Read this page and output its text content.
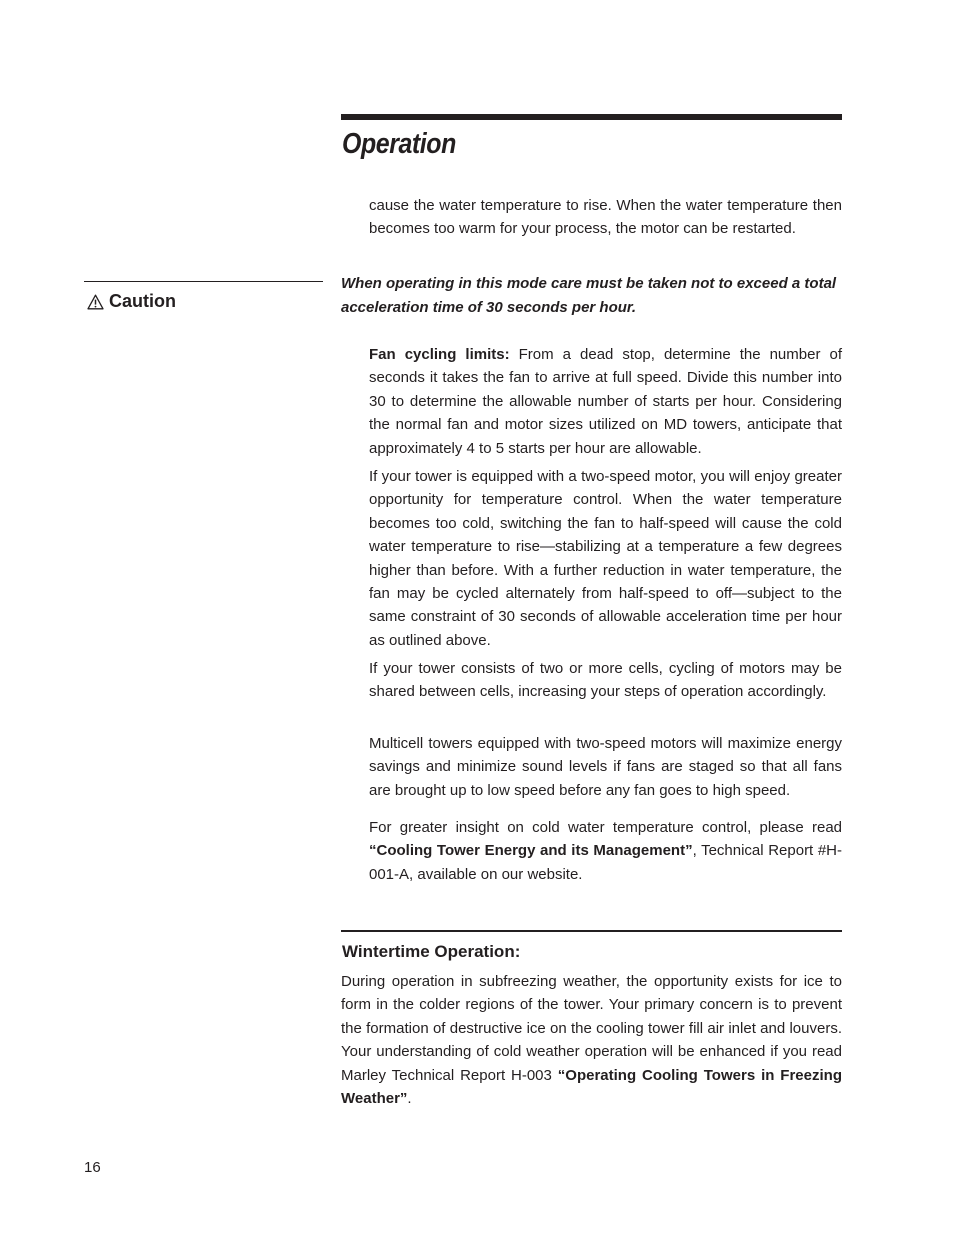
Operation

cause the water temperature to rise. When the water temperature then becomes too warm for your process, the motor can be restarted.

Caution

When operating in this mode care must be taken not to exceed a total acceleration time of 30 seconds per hour.

Fan cycling limits: From a dead stop, determine the number of seconds it takes the fan to arrive at full speed. Divide this number into 30 to determine the allowable number of starts per hour. Considering the normal fan and motor sizes utilized on MD towers, anticipate that approximately 4 to 5 starts per hour are allowable.

If your tower is equipped with a two-speed motor, you will enjoy greater opportunity for temperature control. When the water temperature becomes too cold, switching the fan to half-speed will cause the cold water temperature to rise—stabilizing at a temperature a few degrees higher than before. With a further reduction in water temperature, the fan may be cycled alternately from half-speed to off—subject to the same constraint of 30 seconds of allowable acceleration time per hour as outlined above.

If your tower consists of two or more cells, cycling of motors may be shared between cells, increasing your steps of operation accordingly.

Multicell towers equipped with two-speed motors will maximize energy savings and minimize sound levels if fans are staged so that all fans are brought up to low speed before any fan goes to high speed.

For greater insight on cold water temperature control, please read “Cooling Tower Energy and its Management”, Technical Report #H-001-A, available on our website.

Wintertime Operation:

During operation in subfreezing weather, the opportunity exists for ice to form in the colder regions of the tower. Your primary concern is to prevent the formation of destructive ice on the cooling tower fill air inlet and louvers. Your understanding of cold weather operation will be enhanced if you read Marley Technical Report H-003 “Operating Cooling Towers in Freezing Weather”.

16
